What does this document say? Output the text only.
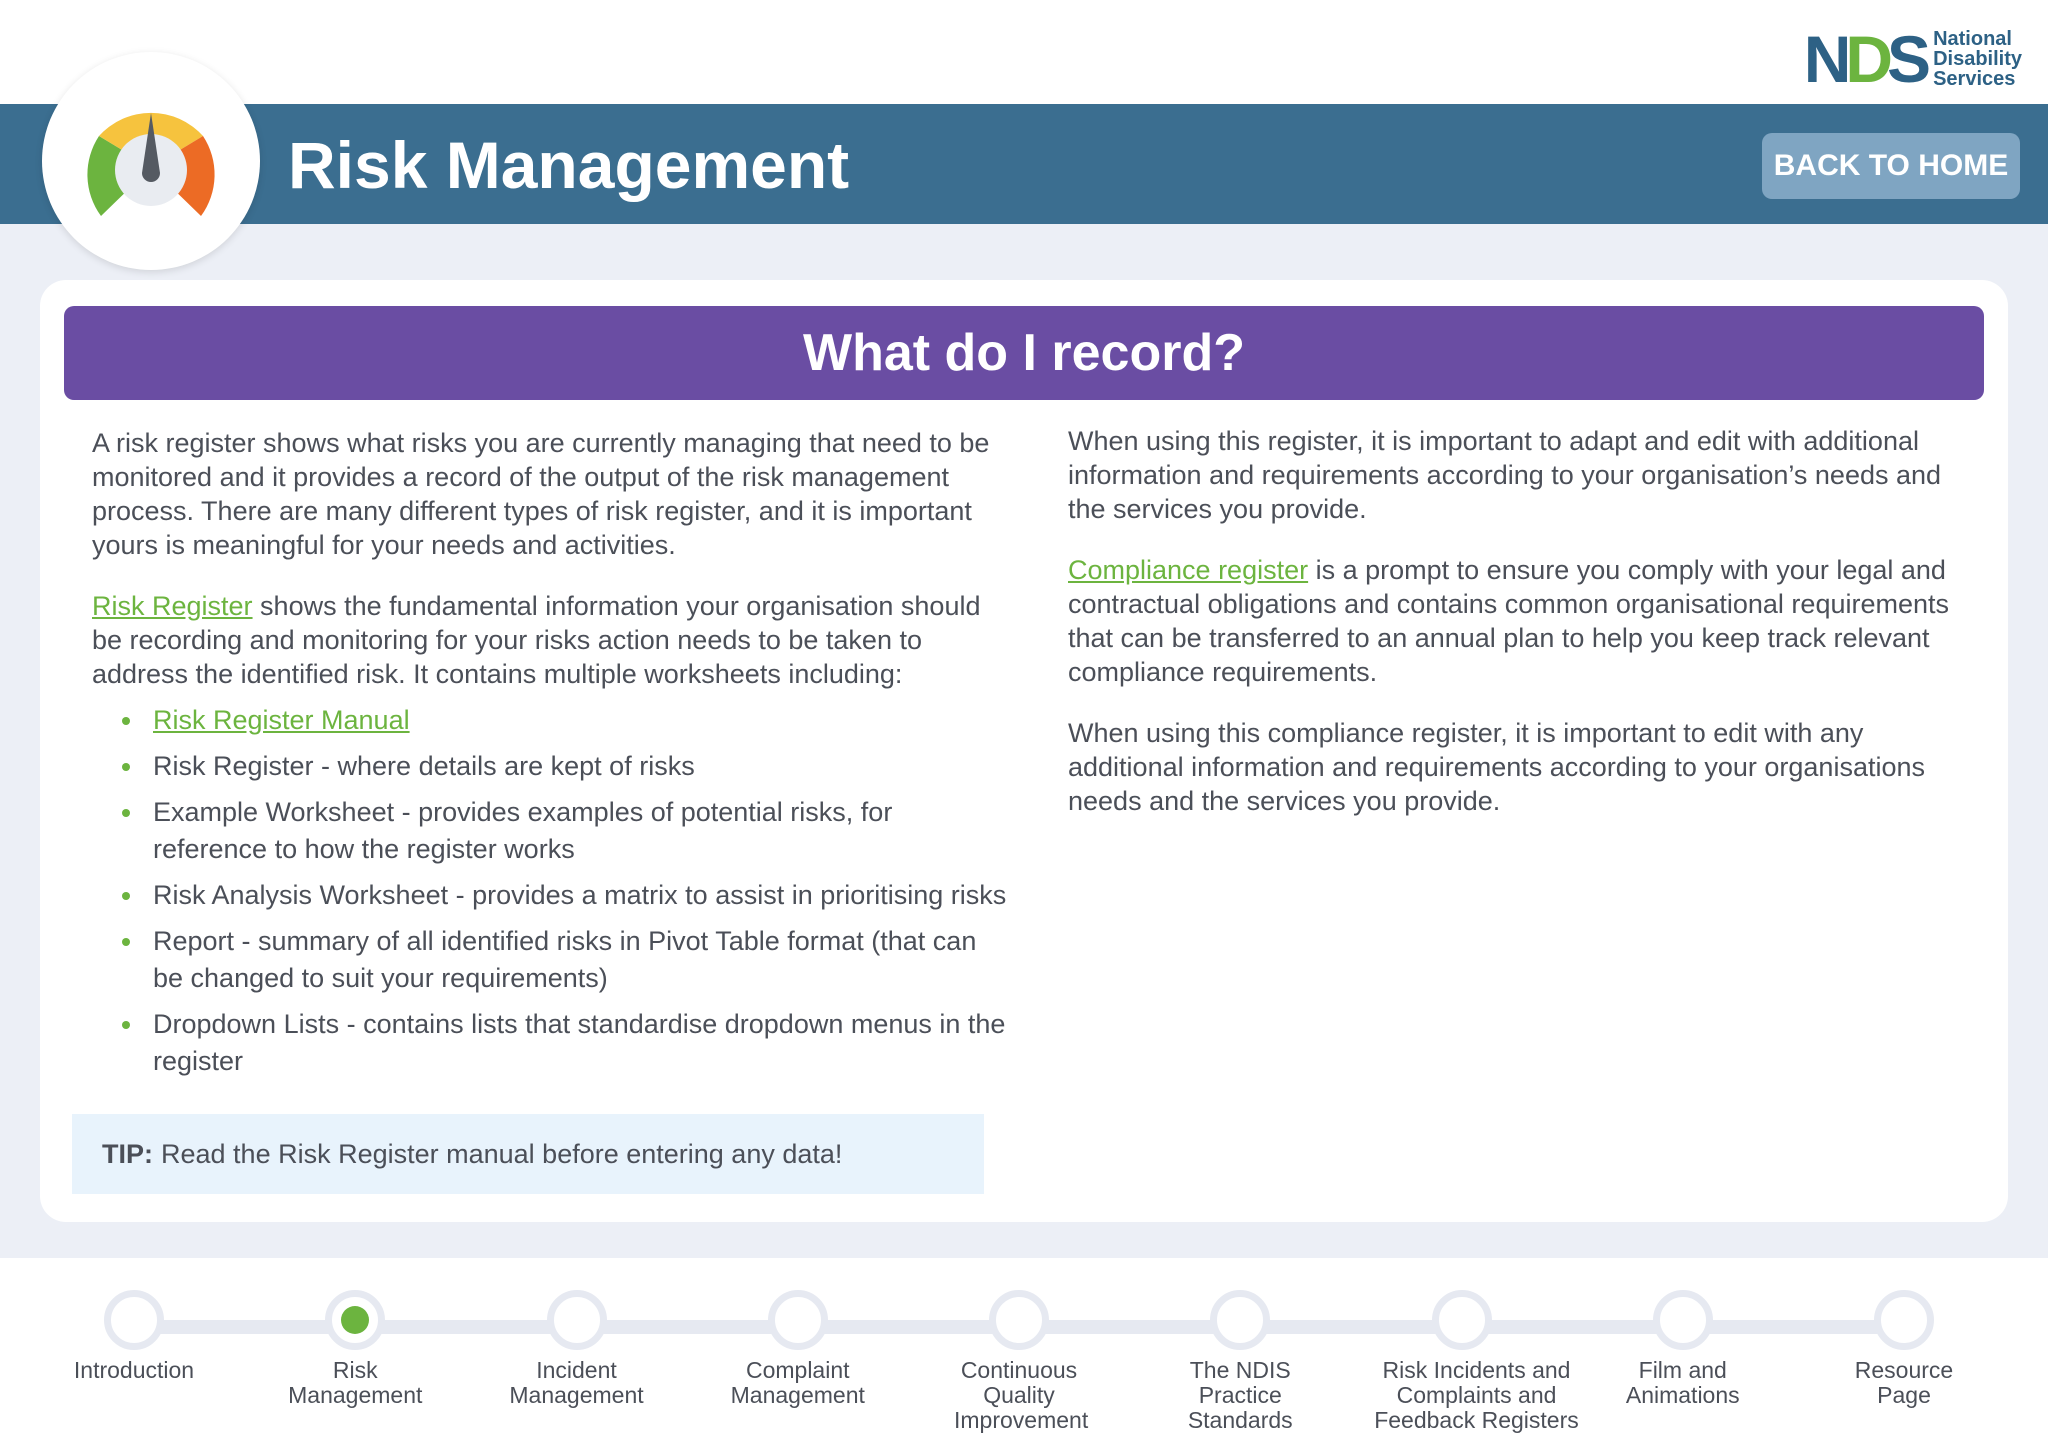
NDS National
Disability
Services
Risk Management	BACK TO HOME
What do I record?

A risk register shows what risks you are currently managing that need to be monitored and it provides a record of the output of the risk management process. There are many different types of risk register, and it is important yours is meaningful for your needs and activities.

Risk Register shows the fundamental information your organisation should be recording and monitoring for your risks action needs to be taken to address the identified risk. It contains multiple worksheets including:

Risk Register Manual
Risk Register - where details are kept of risks
Example Worksheet - provides examples of potential risks, for reference to how the register works
Risk Analysis Worksheet - provides a matrix to assist in prioritising risks
Report - summary of all identified risks in Pivot Table format (that can be changed to suit your requirements)
Dropdown Lists - contains lists that standardise dropdown menus in the register
TIP: Read the Risk Register manual before entering any data!

When using this register, it is important to adapt and edit with additional information and requirements according to your organisation’s needs and the services you provide.

Compliance register is a prompt to ensure you comply with your legal and contractual obligations and contains common organisational requirements that can be transferred to an annual plan to help you keep track relevant compliance requirements.

When using this compliance register, it is important to edit with any additional information and requirements according to your organisations needs and the services you provide.

Introduction	Risk Management
Incident Management
Complaint Management
Continuous Quality Improvement
The NDIS Practice Standards
Risk Incidents and Complaints and Feedback Registers
Film and Animations
Resource Page
